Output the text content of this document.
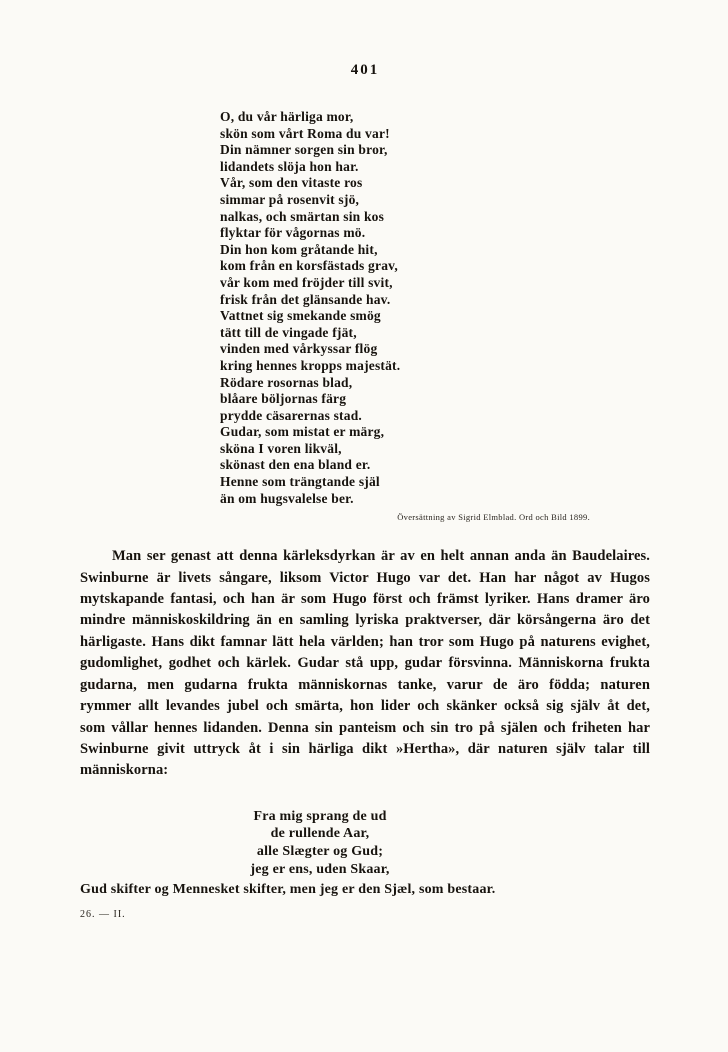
401
O, du vår härliga mor,
skön som vårt Roma du var!
Din nämner sorgen sin bror,
lidandets slöja hon har.
Vår, som den vitaste ros
simmar på rosenvit sjö,
nalkas, och smärtan sin kos
flyktar för vågornas mö.
Din hon kom gråtande hit,
kom från en korsfästads grav,
vår kom med fröjder till svit,
frisk från det glänsande hav.
Vattnet sig smekande smög
tätt till de vingade fjät,
vinden med vårkyssar flög
kring hennes kropps majestät.
Rödare rosornas blad,
blåare böljornas färg
prydde cäsarernas stad.
Gudar, som mistat er märg,
sköna I voren likväl,
skönast den ena bland er.
Henne som trängtande själ
än om hugsvalelse ber.
Översättning av Sigrid Elmblad. Ord och Bild 1899.

Man ser genast att denna kärleksdyrkan är av en helt annan anda än Baudelaires. Swinburne är livets sångare, liksom Victor Hugo var det. Han har något av Hugos mytskapande fantasi, och han är som Hugo först och främst lyriker. Hans dramer äro mindre människoskildring än en samling lyriska praktverser, där körsångerna äro det härligaste. Hans dikt famnar lätt hela världen; han tror som Hugo på naturens evighet, gudomlighet, godhet och kärlek. Gudar stå upp, gudar försvinna. Människorna frukta gudarna, men gudarna frukta människornas tanke, varur de äro födda; naturen rymmer allt levandes jubel och smärta, hon lider och skänker också sig själv åt det, som vållar hennes lidanden. Denna sin panteism och sin tro på själen och friheten har Swinburne givit uttryck åt i sin härliga dikt »Hertha», där naturen själv talar till människorna:

Fra mig sprang de ud
de rullende Aar,
alle Slægter og Gud;
jeg er ens, uden Skaar,
Gud skifter og Mennesket skifter, men jeg er den Sjæl, som bestaar.
26. — II.
